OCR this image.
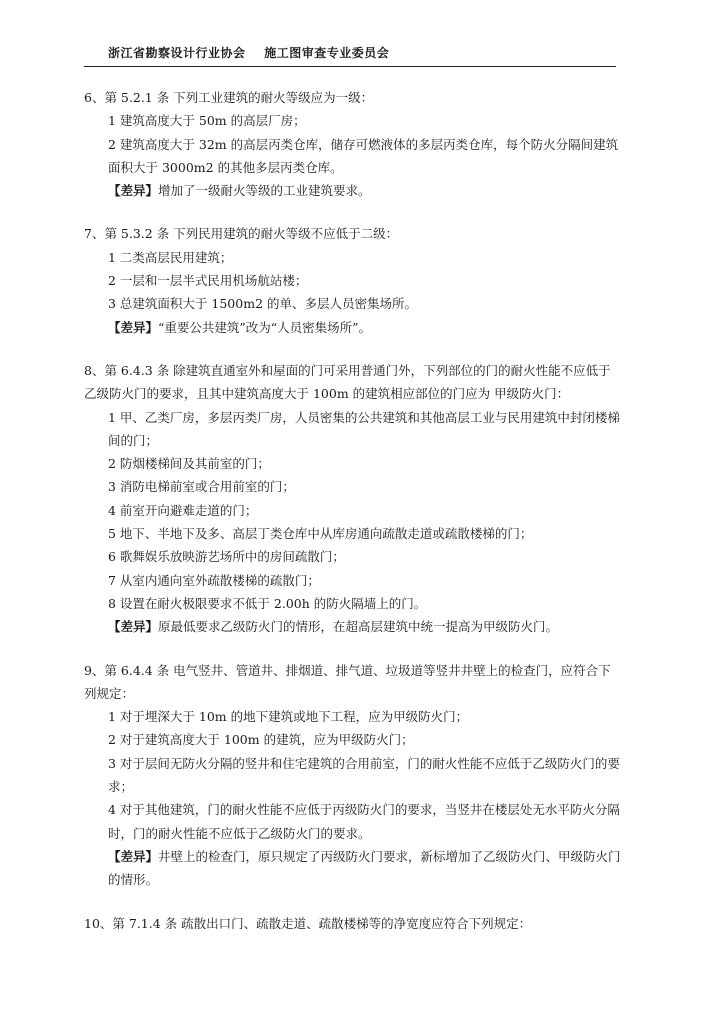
浙江省勘察设计行业协会 施工图审查专业委员会
6、第 5.2.1 条 下列工业建筑的耐火等级应为一级：
1 建筑高度大于 50m 的高层厂房；
2 建筑高度大于 32m 的高层丙类仓库，储存可燃液体的多层丙类仓库，每个防火分隔间建筑面积大于 3000m2 的其他多层丙类仓库。
【差异】增加了一级耐火等级的工业建筑要求。
7、第 5.3.2 条 下列民用建筑的耐火等级不应低于二级：
1 二类高层民用建筑；
2 一层和一层半式民用机场航站楼；
3 总建筑面积大于 1500m2 的单、多层人员密集场所。
【差异】“重要公共建筑”改为“人员密集场所”。
8、第 6.4.3 条 除建筑直通室外和屋面的门可采用普通门外，下列部位的门的耐火性能不应低于乙级防火门的要求，且其中建筑高度大于 100m 的建筑相应部位的门应为 甲级防火门：
1 甲、乙类厂房，多层丙类厂房，人员密集的公共建筑和其他高层工业与民用建筑中封闭楼梯间的门；
2 防烟楼梯间及其前室的门；
3 消防电梯前室或合用前室的门；
4 前室开向避难走道的门；
5 地下、半地下及多、高层丁类仓库中从库房通向疏散走道或疏散楼梯的门；
6 歌舞娱乐放映游艺场所中的房间疏散门；
7 从室内通向室外疏散楼梯的疏散门；
8 设置在耐火极限要求不低于 2.00h 的防火隔墙上的门。
【差异】原最低要求乙级防火门的情形，在超高层建筑中统一提高为甲级防火门。
9、第 6.4.4 条 电气竖井、管道井、排烟道、排气道、垃圾道等竖井井壁上的检查门，应符合下列规定：
1 对于埋深大于 10m 的地下建筑或地下工程，应为甲级防火门；
2 对于建筑高度大于 100m 的建筑，应为甲级防火门；
3 对于层间无防火分隔的竖井和住宅建筑的合用前室，门的耐火性能不应低于乙级防火门的要求；
4 对于其他建筑，门的耐火性能不应低于丙级防火门的要求，当竖井在楼层处无水平防火分隔时，门的耐火性能不应低于乙级防火门的要求。
【差异】井壁上的检查门，原只规定了丙级防火门要求，新标增加了乙级防火门、甲级防火门的情形。
10、第 7.1.4 条 疏散出口门、疏散走道、疏散楼梯等的净宽度应符合下列规定：
